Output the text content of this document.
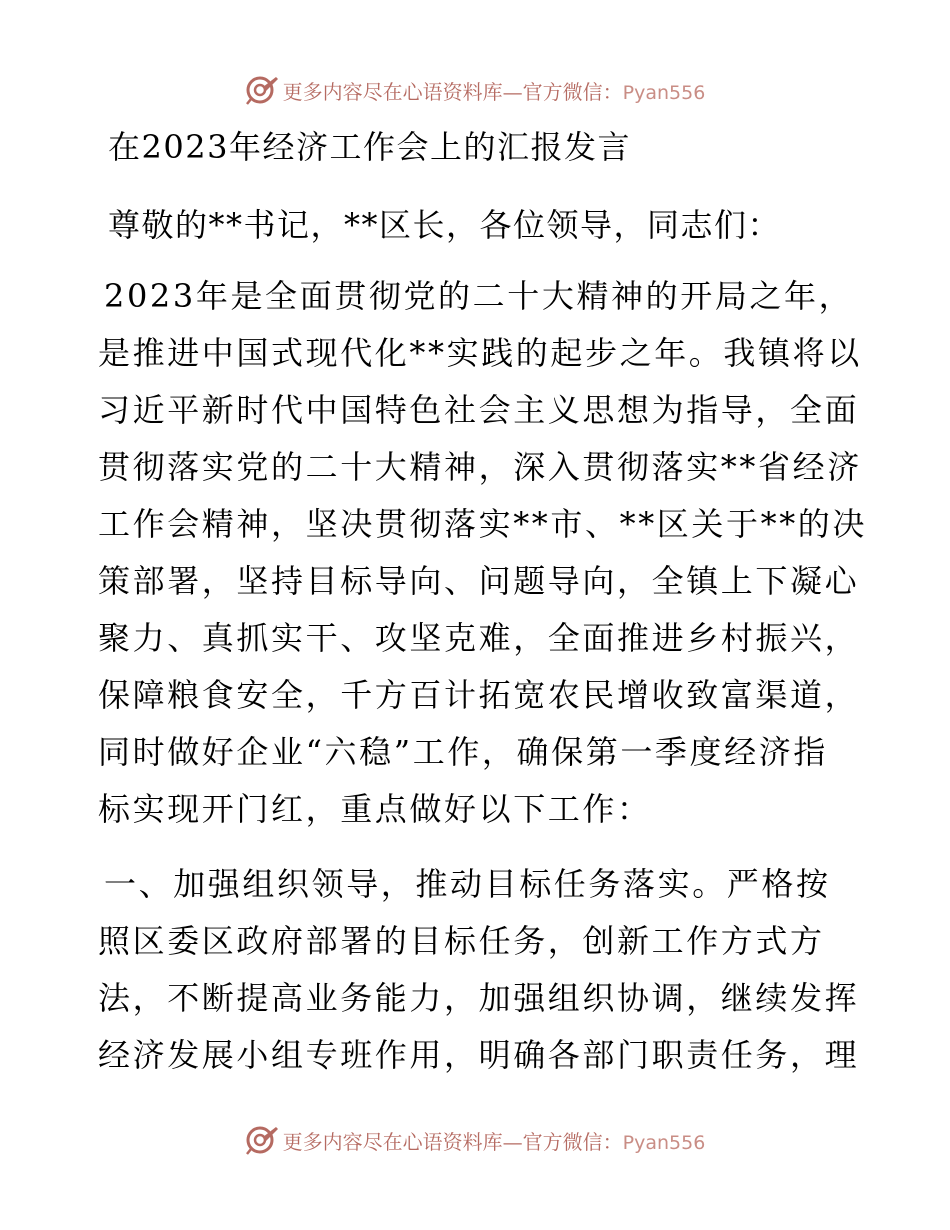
更多内容尽在心语资料库—官方微信：Pyan556
在2023年经济工作会上的汇报发言

尊敬的**书记，**区长，各位领导，同志们：

2023年是全面贯彻党的二十大精神的开局之年，
是推进中国式现代化**实践的起步之年。我镇将以
习近平新时代中国特色社会主义思想为指导，全面
贯彻落实党的二十大精神，深入贯彻落实**省经济
工作会精神，坚决贯彻落实**市、**区关于**的决
策部署，坚持目标导向、问题导向，全镇上下凝心
聚力、真抓实干、攻坚克难，全面推进乡村振兴，
保障粮食安全，千方百计拓宽农民增收致富渠道，
同时做好企业“六稳”工作，确保第一季度经济指
标实现开门红，重点做好以下工作：
一、加强组织领导，推动目标任务落实。严格按
照区委区政府部署的目标任务，创新工作方式方
法，不断提高业务能力，加强组织协调，继续发挥
经济发展小组专班作用，明确各部门职责任务，理
更多内容尽在心语资料库—官方微信：Pyan556
